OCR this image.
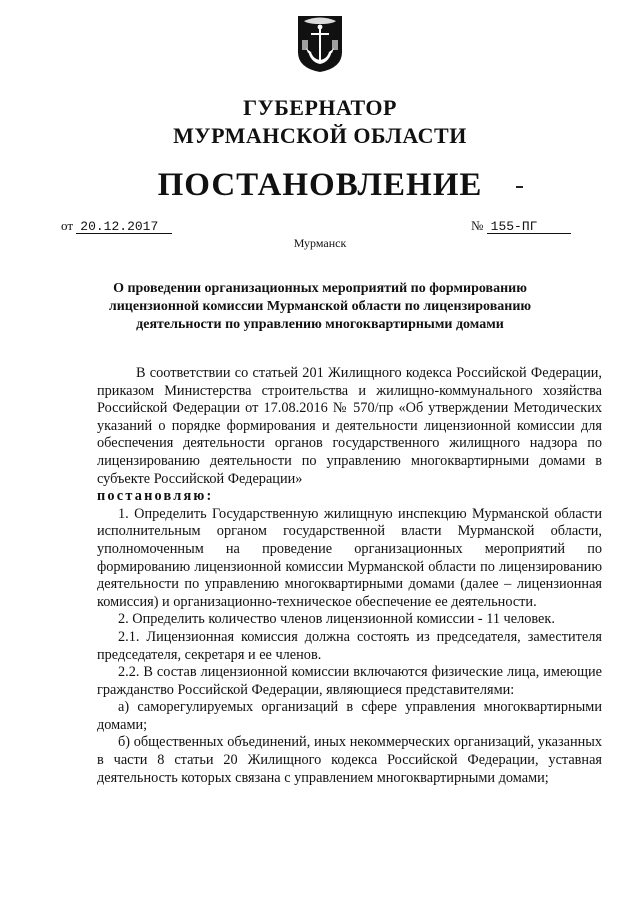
ГУБЕРНАТОР
МУРМАНСКОЙ ОБЛАСТИ
ПОСТАНОВЛЕНИЕ
от 20.12.2017	№ 155-ПГ
Мурманск
О проведении организационных мероприятий по формированию лицензионной комиссии Мурманской области по лицензированию деятельности по управлению многоквартирными домами

В соответствии со статьей 201 Жилищного кодекса Российской Федерации, приказом Министерства строительства и жилищно-коммунального хозяйства Российской Федерации от 17.08.2016 № 570/пр «Об утверждении Методических указаний о порядке формирования и деятельности лицензионной комиссии для обеспечения деятельности органов государственного жилищного надзора по лицензированию деятельности по управлению многоквартирными домами в субъекте Российской Федерации»

постановляю:

1. Определить Государственную жилищную инспекцию Мурманской области исполнительным органом государственной власти Мурманской области, уполномоченным на проведение организационных мероприятий по формированию лицензионной комиссии Мурманской области по лицензированию деятельности по управлению многоквартирными домами (далее – лицензионная комиссия) и организационно-техническое обеспечение ее деятельности.

2. Определить количество членов лицензионной комиссии - 11 человек.

2.1. Лицензионная комиссия должна состоять из председателя, заместителя председателя, секретаря и ее членов.

2.2. В состав лицензионной комиссии включаются физические лица, имеющие гражданство Российской Федерации, являющиеся представителями:

а) саморегулируемых организаций в сфере управления многоквартирными домами;

б) общественных объединений, иных некоммерческих организаций, указанных в части 8 статьи 20 Жилищного кодекса Российской Федерации, уставная деятельность которых связана с управлением многоквартирными домами;
